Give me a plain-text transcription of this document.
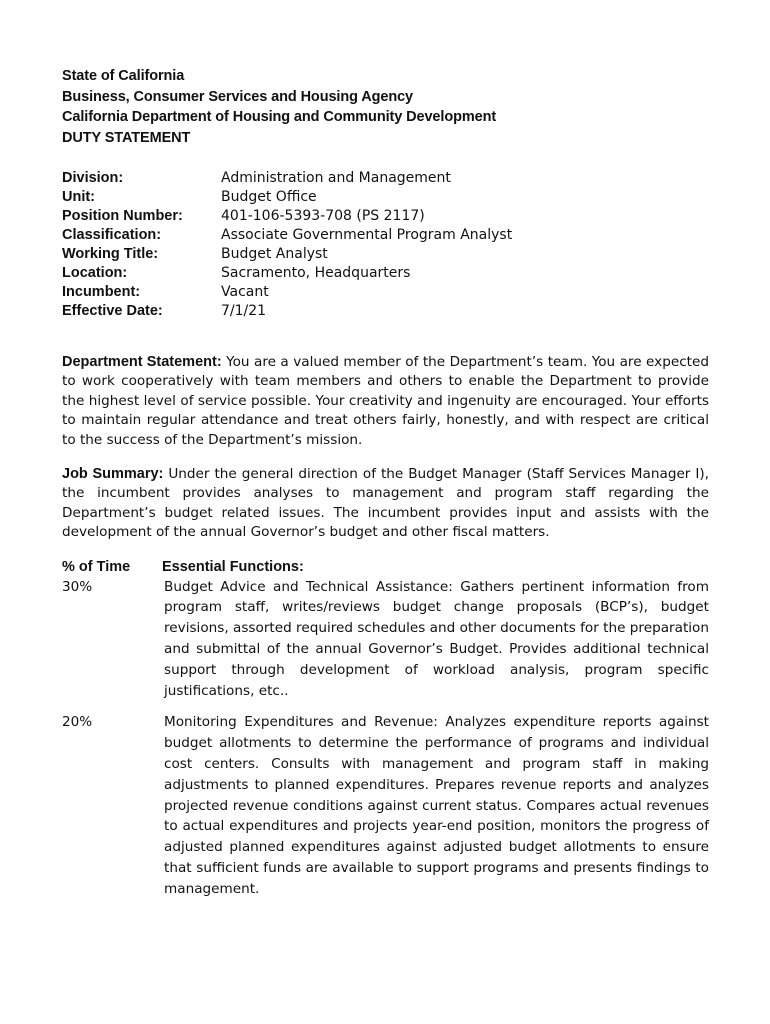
State of California
Business, Consumer Services and Housing Agency
California Department of Housing and Community Development
DUTY STATEMENT
Division:	Administration and Management
Unit:	Budget Office
Position Number:	401-106-5393-708 (PS 2117)
Classification:	Associate Governmental Program Analyst
Working Title:	Budget Analyst
Location:	Sacramento, Headquarters
Incumbent:	Vacant
Effective Date:	7/1/21

Department Statement: You are a valued member of the Department’s team. You are expected to work cooperatively with team members and others to enable the Department to provide the highest level of service possible. Your creativity and ingenuity are encouraged. Your efforts to maintain regular attendance and treat others fairly, honestly, and with respect are critical to the success of the Department’s mission.

Job Summary: Under the general direction of the Budget Manager (Staff Services Manager I), the incumbent provides analyses to management and program staff regarding the Department’s budget related issues. The incumbent provides input and assists with the development of the annual Governor’s budget and other fiscal matters.

% of Time	Essential Functions:
30%	Budget Advice and Technical Assistance: Gathers pertinent information from program staff, writes/reviews budget change proposals (BCP’s), budget revisions, assorted required schedules and other documents for the preparation and submittal of the annual Governor’s Budget. Provides additional technical support through development of workload analysis, program specific justifications, etc..
20%	Monitoring Expenditures and Revenue: Analyzes expenditure reports against budget allotments to determine the performance of programs and individual cost centers. Consults with management and program staff in making adjustments to planned expenditures. Prepares revenue reports and analyzes projected revenue conditions against current status. Compares actual revenues to actual expenditures and projects year-end position, monitors the progress of adjusted planned expenditures against adjusted budget allotments to ensure that sufficient funds are available to support programs and presents findings to management.
